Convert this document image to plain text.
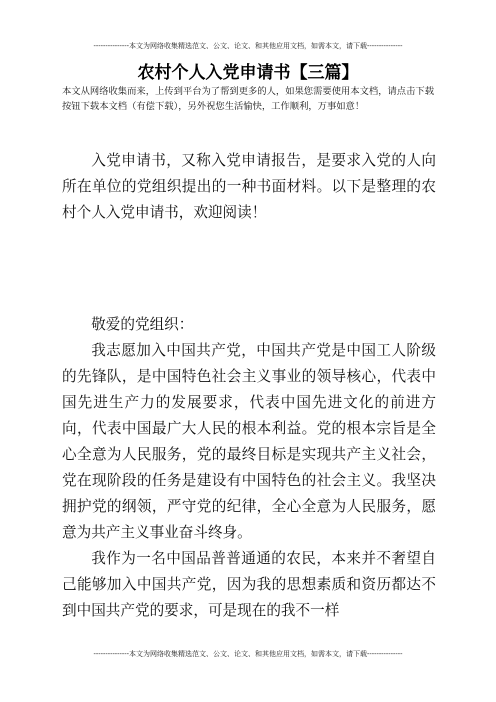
---------------本文为网络收集精选范文、公文、论文、和其他应用文档，如需本文，请下载---------------
农村个人入党申请书【三篇】

本文从网络收集而来，上传到平台为了帮到更多的人，如果您需要使用本文档，请点击下载按钮下载本文档（有偿下载），另外祝您生活愉快，工作顺利，万事如意！

入党申请书，又称入党申请报告，是要求入党的人向所在单位的党组织提出的一种书面材料。以下是整理的农村个人入党申请书，欢迎阅读！

敬爱的党组织：

我志愿加入中国共产党，中国共产党是中国工人阶级的先锋队，是中国特色社会主义事业的领导核心，代表中国先进生产力的发展要求，代表中国先进文化的前进方向，代表中国最广大人民的根本利益。党的根本宗旨是全心全意为人民服务，党的最终目标是实现共产主义社会，党在现阶段的任务是建设有中国特色的社会主义。我坚决拥护党的纲领，严守党的纪律，全心全意为人民服务，愿意为共产主义事业奋斗终身。

我作为一名中国品普普通通的农民，本来并不奢望自己能够加入中国共产党，因为我的思想素质和资历都达不到中国共产党的要求，可是现在的我不一样

---------------本文为网络收集精选范文、公文、论文、和其他应用文档，如需本文，请下载---------------
